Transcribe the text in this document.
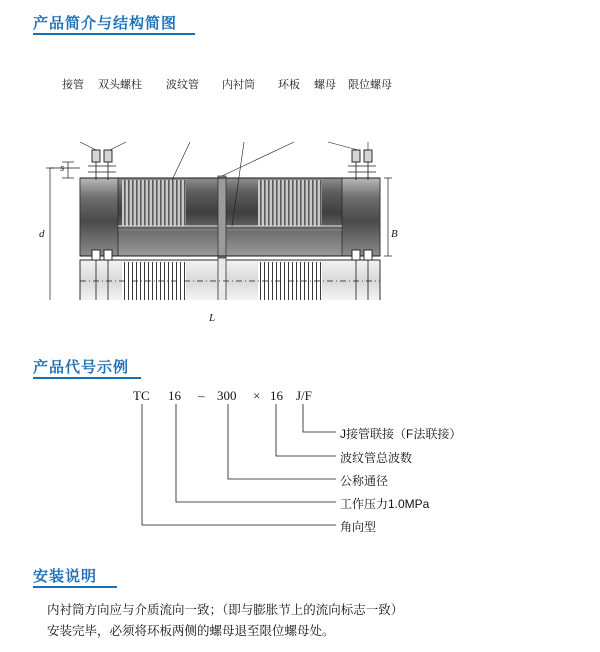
产品简介与结构简图
接管 双头螺柱 波纹管 内衬筒 环板 螺母 限位螺母
s
d	B
L
产品代号示例
TC 16 – 300 × 16 J/F
J接管联接（F法联接）
波纹管总波数
公称通径
工作压力1.0MPa
角向型
安装说明
内衬筒方向应与介质流向一致；（即与膨胀节上的流向标志一致）
安装完毕，必须将环板两侧的螺母退至限位螺母处。
